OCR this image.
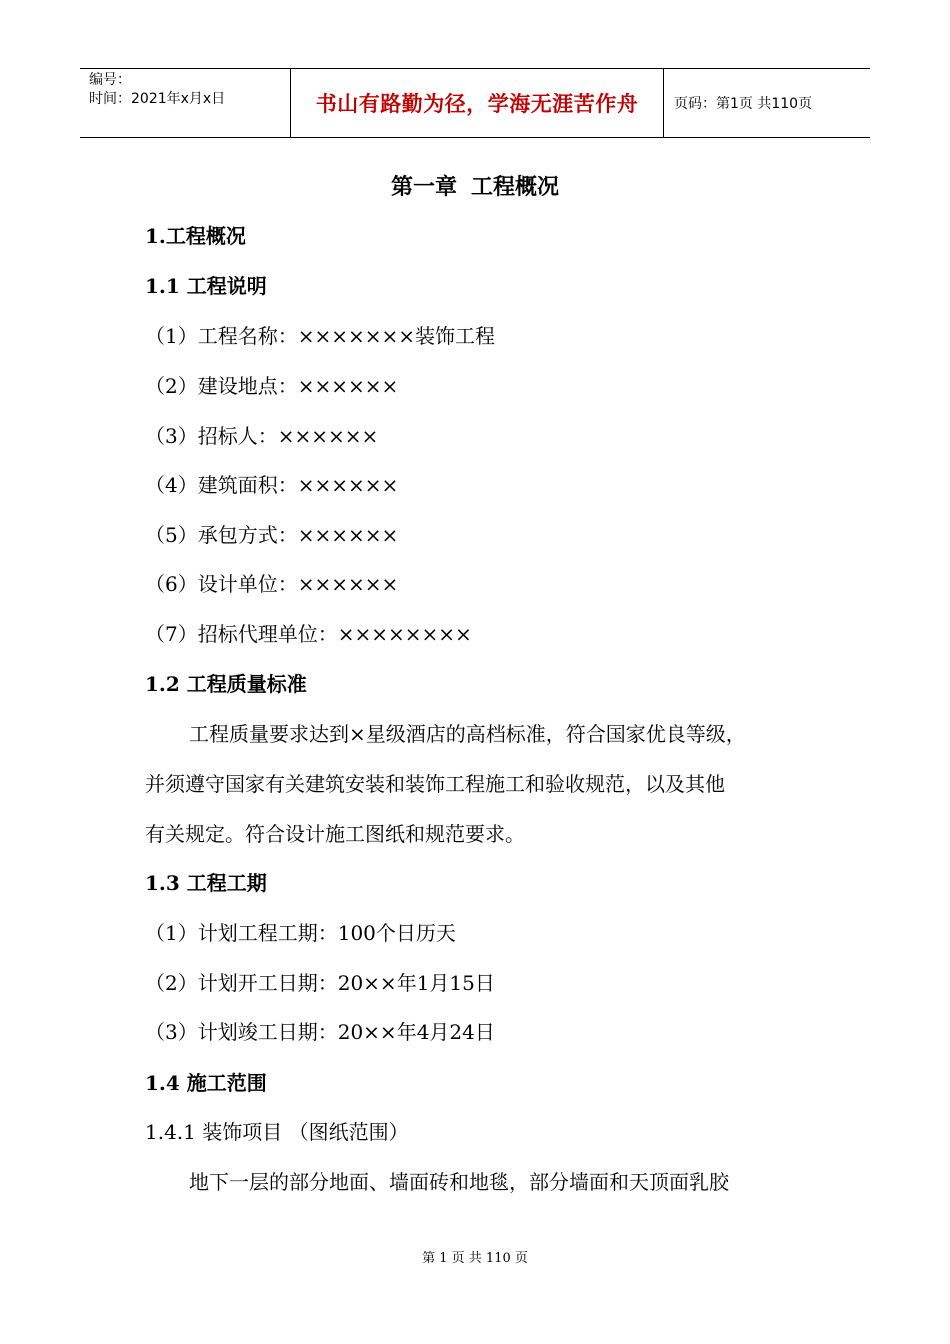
编号：
时间：2021年x月x日	书山有路勤为径，学海无涯苦作舟	页码：第1页 共110页
第一章 工程概况
1.工程概况
1.1 工程说明
（1）工程名称：×××××××装饰工程
（2）建设地点：××××××
（3）招标人：××××××
（4）建筑面积：××××××
（5）承包方式：××××××
（6）设计单位：××××××
（7）招标代理单位：××××××××
1.2 工程质量标准
工程质量要求达到×星级酒店的高档标准，符合国家优良等级，
并须遵守国家有关建筑安装和装饰工程施工和验收规范，以及其他
有关规定。符合设计施工图纸和规范要求。
1.3 工程工期
（1）计划工程工期：100个日历天
（2）计划开工日期：20××年1月15日
（3）计划竣工日期：20××年4月24日
1.4 施工范围
1.4.1 装饰项目 （图纸范围）
地下一层的部分地面、墙面砖和地毯，部分墙面和天顶面乳胶
第 1 页 共 110 页
